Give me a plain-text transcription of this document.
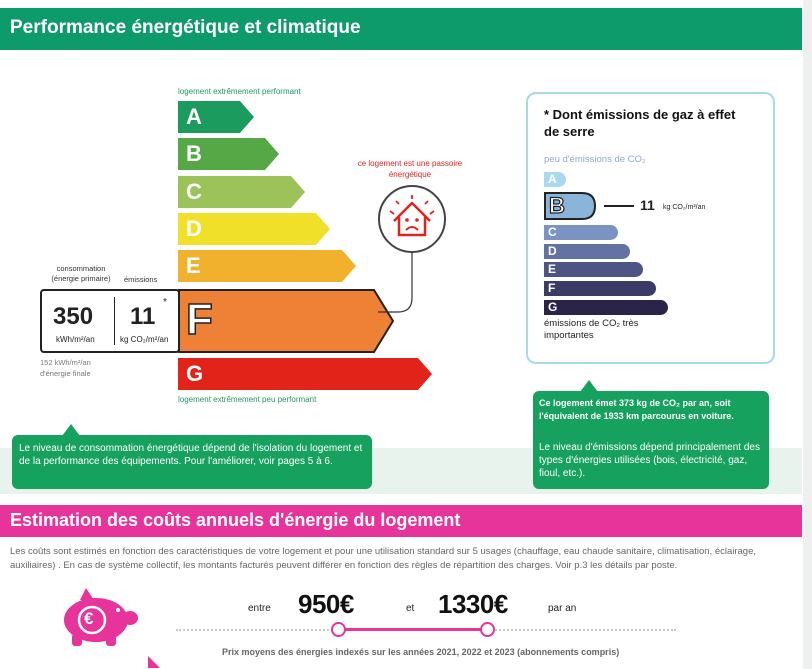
Performance énergétique et climatique
logement extrêmement performant
logement extrêmement peu performant
A
B
C
D
E
F
G
ce logement est une passoire énergétique
consommation (énergie primaire)	émissions
350
kWh/m²/an
11
*
kg CO₂/m²/an
152 kWh/m²/an d'énergie finale
* Dont émissions de gaz à effet de serre
peu d'émissions de CO₂
A
B
C
D
E
F
G
11 kg CO₂/m²/an
émissions de CO₂ très importantes
Le niveau de consommation énergétique dépend de l'isolation du logement et de la performance des équipements. Pour l'améliorer, voir pages 5 à 6.
Ce logement émet 373 kg de CO₂ par an, soit l'équivalent de 1933 km parcourus en voiture.
Le niveau d'émissions dépend principalement des types d'énergies utilisées (bois, électricité, gaz, fioul, etc.).
Estimation des coûts annuels d'énergie du logement
Les coûts sont estimés en fonction des caractéristiques de votre logement et pour une utilisation standard sur 5 usages (chauffage, eau chaude sanitaire, climatisation, éclairage, auxiliaires) . En cas de système collectif, les montants facturés peuvent différer en fonction des règles de répartition des charges. Voir p.3 les détails par poste.
€
entre 950€	et 1330€	par an
Prix moyens des énergies indexés sur les années 2021, 2022 et 2023 (abonnements compris)
